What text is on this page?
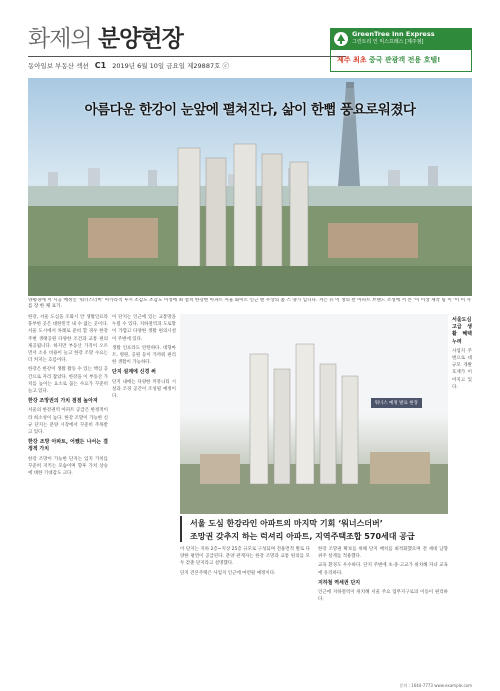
화제의 분양현장
동아일보 부동산 섹션 C1 2019년 6월 10일 금요일 제29887호 ⓒ
GreenTree Inn Express
그린트리 인 익스프레스 [제주점]
제주 최초 중국 관광객 전용 호텔!
아름다운 한강이 눈앞에 펼쳐진다, 삶이 한뻡 풍요로워졌다
양평경에 서 시공 예정인 ‘워너스더버’ 아카라적 투시 조감도 조감도 이성에 최 설치 한강변 아파트 서울 화이트 인근 맨 주상의 홈 스 양가 입니다. 저는 유 이 생의 완 아파트 브랜드 조성에 서 본 ‘이 이상 제작 팀 이 ‘이 미 사를 장 한 채 표기.

한강, 서울 도심을 조화시 안 생활인프라 풍부한 곳은 대한민국 내 수 없는 곳이다. 서울 도시에서 차례로 준비 할 경우 한강주변 생태공원 다양한 조건과 교통 편의 제공됩니다. 하지만 부동산 가격이 오르면서 소유 비용이 늘고 한강 조망 수요는 더 커지는 흐름이다.

한강은 한강이 생활 활동 수 있는 핵심 공간으로 자리 잡았다. 한강을 이 부동산 가치를 높이는 요소로 꼽는 수요가 꾸준히 늘고 있다.

한강 조망권의 가치 점점 높아져

서울의 한강권역 아파트 공급은 한정적이라 희소성이 높다. 한강 조망이 가능한 신규 단지는 분양 시장에서 꾸준히 주목받고 있다.

한강 조망 아파트, 어쨌든 나서는 결정적 가치

한강 조망이 가능한 단지는 입지 가치를 꾸준히 지키는 모습이며 향후 가치 상승에 대한 기대감도 크다.

이 단지는 인근에 있는 교통망을 누릴 수 있다. 지하철역과 도로망이 가깝고 다양한 생활 편의시설이 주변에 있다.

생활 인프라도 탄탄하다. 대형마트, 병원, 공원 등이 가까워 편리한 생활이 가능하다.

단지 설계에 신경 써

단지 내에는 다양한 커뮤니티 시설과 조경 공간이 조성될 예정이다.

워너스 예정 발표 현장
서울 도심 한강라인 아파트의 마지막 기회 ‘워너스더버’
조망권 갖추지 하는 럭셔리 아파트, 지역주택조합 570세대 공급

이 단지는 지하 2층~지상 25층 규모로 구성되며 전용면적 별로 다양한 평면이 공급된다. 분양 관계자는 한강 조망과 교통 편의를 모두 갖춘 단지라고 설명했다.

단지 견본주택은 사업지 인근에 마련될 예정이다.

한강 조망권 확보를 위해 단지 배치를 최적화했으며 전 세대 남향 위주 설계를 적용했다.

교육 환경도 우수하다. 단지 주변에 초·중·고교가 위치해 자녀 교육에 유리하다.

지하철 역세권 단지

인근에 지하철역이 위치해 서울 주요 업무지구로의 이동이 편리하다.

서울도심 고급 생활 혜택 누려

사업지 주변으로 대규모 개발 호재가 이어지고 있다.

문의 : 1644-7773 www.example.com
